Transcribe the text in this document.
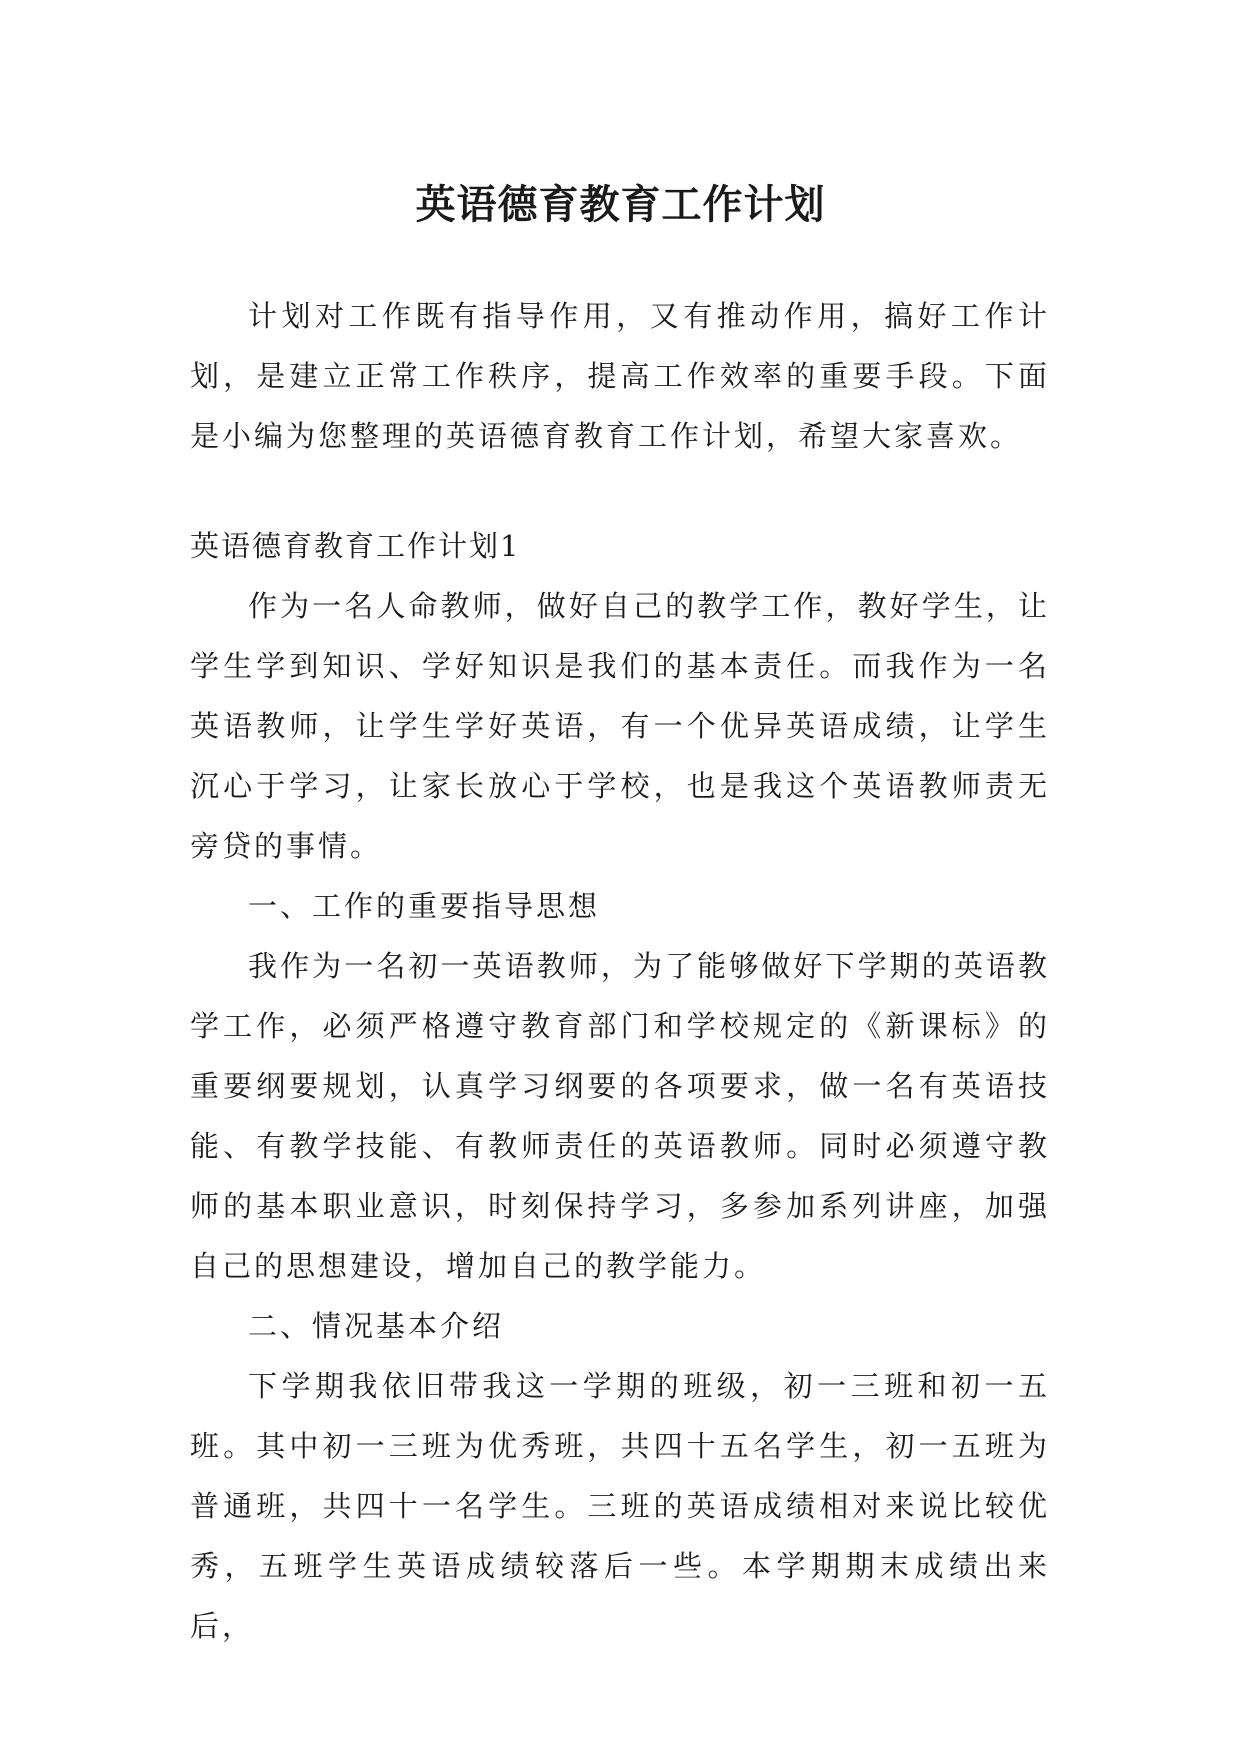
英语德育教育工作计划

计划对工作既有指导作用，又有推动作用，搞好工作计划，是建立正常工作秩序，提高工作效率的重要手段。下面是小编为您整理的英语德育教育工作计划，希望大家喜欢。

英语德育教育工作计划1

作为一名人命教师，做好自己的教学工作，教好学生，让学生学到知识、学好知识是我们的基本责任。而我作为一名英语教师，让学生学好英语，有一个优异英语成绩，让学生沉心于学习，让家长放心于学校，也是我这个英语教师责无旁贷的事情。

一、工作的重要指导思想

我作为一名初一英语教师，为了能够做好下学期的英语教学工作，必须严格遵守教育部门和学校规定的《新课标》的重要纲要规划，认真学习纲要的各项要求，做一名有英语技能、有教学技能、有教师责任的英语教师。同时必须遵守教师的基本职业意识，时刻保持学习，多参加系列讲座，加强自己的思想建设，增加自己的教学能力。

二、情况基本介绍

下学期我依旧带我这一学期的班级，初一三班和初一五班。其中初一三班为优秀班，共四十五名学生，初一五班为普通班，共四十一名学生。三班的英语成绩相对来说比较优秀，五班学生英语成绩较落后一些。本学期期末成绩出来后，
